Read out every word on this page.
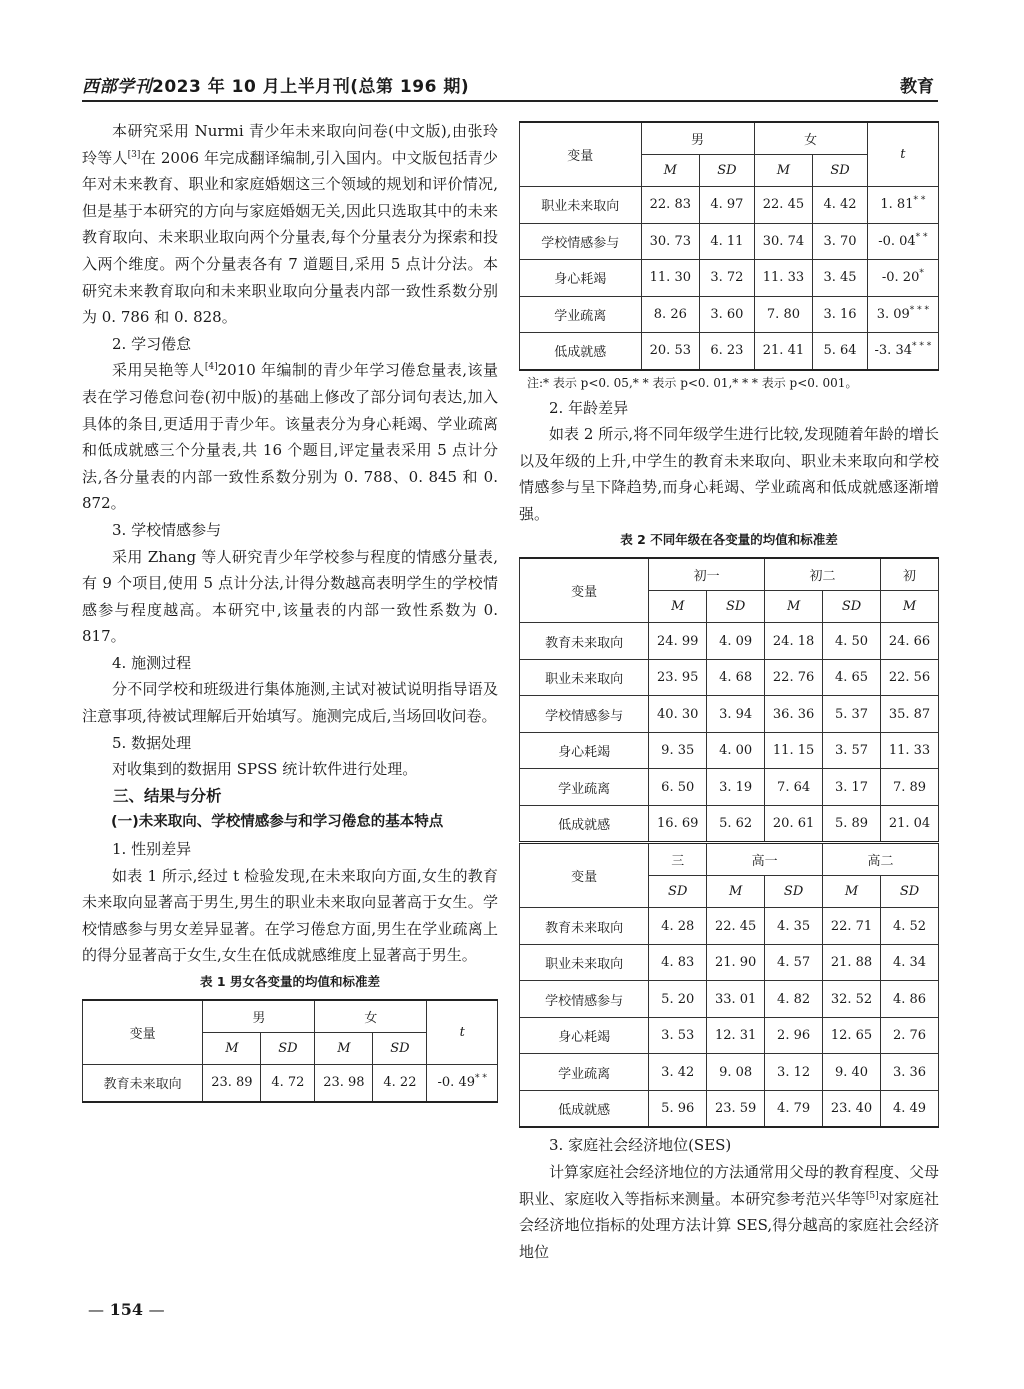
西部学刊2023 年 10 月上半月刊(总第 196 期)	教育

本研究采用 Nurmi 青少年未来取向问卷(中文版),由张玲玲等人[3]在 2006 年完成翻译编制,引入国内。中文版包括青少年对未来教育、职业和家庭婚姻这三个领域的规划和评价情况,但是基于本研究的方向与家庭婚姻无关,因此只选取其中的未来教育取向、未来职业取向两个分量表,每个分量表分为探索和投入两个维度。两个分量表各有 7 道题目,采用 5 点计分法。本研究未来教育取向和未来职业取向分量表内部一致性系数分别为 0. 786 和 0. 828。

2. 学习倦怠

采用吴艳等人[4]2010 年编制的青少年学习倦怠量表,该量表在学习倦怠问卷(初中版)的基础上修改了部分词句表达,加入具体的条目,更适用于青少年。该量表分为身心耗竭、学业疏离和低成就感三个分量表,共 16 个题目,评定量表采用 5 点计分法,各分量表的内部一致性系数分别为 0. 788、0. 845 和 0. 872。

3. 学校情感参与

采用 Zhang 等人研究青少年学校参与程度的情感分量表,有 9 个项目,使用 5 点计分法,计得分数越高表明学生的学校情感参与程度越高。本研究中,该量表的内部一致性系数为 0. 817。

4. 施测过程

分不同学校和班级进行集体施测,主试对被试说明指导语及注意事项,待被试理解后开始填写。施测完成后,当场回收问卷。

5. 数据处理

对收集到的数据用 SPSS 统计软件进行处理。

三、结果与分析

(一)未来取向、学校情感参与和学习倦怠的基本特点

1. 性别差异

如表 1 所示,经过 t 检验发现,在未来取向方面,女生的教育未来取向显著高于男生,男生的职业未来取向显著高于女生。学校情感参与男女差异显著。在学习倦怠方面,男生在学业疏离上的得分显著高于女生,女生在低成就感维度上显著高于男生。

表 1 男女各变量的均值和标准差
变量	男		女		t
	M	SD	M	SD	
教育未来取向	23. 89	4. 72	23. 98	4. 22	-0. 49* *
变量	男		女		t
	M	SD	M	SD	
职业未来取向	22. 83	4. 97	22. 45	4. 42	1. 81* *
学校情感参与	30. 73	4. 11	30. 74	3. 70	-0. 04* *
身心耗竭	11. 30	3. 72	11. 33	3. 45	-0. 20*
学业疏离	8. 26	3. 60	7. 80	3. 16	3. 09* * *
低成就感	20. 53	6. 23	21. 41	5. 64	-3. 34* * *

注:* 表示 p<0. 05,* * 表示 p<0. 01,* * * 表示 p<0. 001。

2. 年龄差异

如表 2 所示,将不同年级学生进行比较,发现随着年龄的增长以及年级的上升,中学生的教育未来取向、职业未来取向和学校情感参与呈下降趋势,而身心耗竭、学业疏离和低成就感逐渐增强。

表 2 不同年级在各变量的均值和标准差
变量	初一		初二		初
	M	SD	M	SD	M
教育未来取向	24. 99	4. 09	24. 18	4. 50	24. 66
职业未来取向	23. 95	4. 68	22. 76	4. 65	22. 56
学校情感参与	40. 30	3. 94	36. 36	5. 37	35. 87
身心耗竭	9. 35	4. 00	11. 15	3. 57	11. 33
学业疏离	6. 50	3. 19	7. 64	3. 17	7. 89
低成就感	16. 69	5. 62	20. 61	5. 89	21. 04
变量	三	高一		高二	
	SD	M	SD	M	SD
教育未来取向	4. 28	22. 45	4. 35	22. 71	4. 52
职业未来取向	4. 83	21. 90	4. 57	21. 88	4. 34
学校情感参与	5. 20	33. 01	4. 82	32. 52	4. 86
身心耗竭	3. 53	12. 31	2. 96	12. 65	2. 76
学业疏离	3. 42	9. 08	3. 12	9. 40	3. 36
低成就感	5. 96	23. 59	4. 79	23. 40	4. 49

3. 家庭社会经济地位(SES)

计算家庭社会经济地位的方法通常用父母的教育程度、父母职业、家庭收入等指标来测量。本研究参考范兴华等[5]对家庭社会经济地位指标的处理方法计算 SES,得分越高的家庭社会经济地位

— 154 —
